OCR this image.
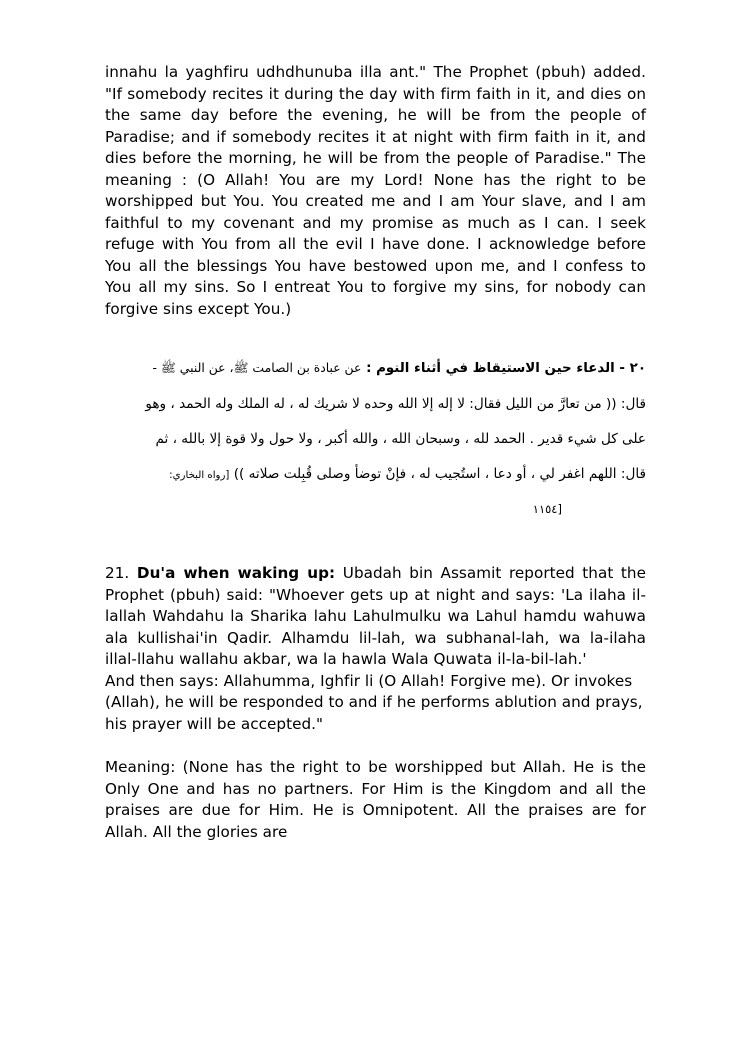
innahu la yaghfiru udhdhunuba illa ant." The Prophet (pbuh) added. "If somebody recites it during the day with firm faith in it, and dies on the same day before the evening, he will be from the people of Paradise; and if somebody recites it at night with firm faith in it, and dies before the morning, he will be from the people of Paradise." The meaning : (O Allah! You are my Lord! None has the right to be worshipped but You. You created me and I am Your slave, and I am faithful to my covenant and my promise as much as I can. I seek refuge with You from all the evil I have done. I acknowledge before You all the blessings You have bestowed upon me, and I confess to You all my sins. So I entreat You to forgive my sins, for nobody can forgive sins except You.)

٢٠ - الدعاء حين الاستيقاظ في أثناء النوم : عن عبادة بن الصامت ﷺ، عن النبي ﷺ -

قال: (( من تعارَّ من الليل فقال: لا إله إلا الله وحده لا شريك له ، له الملك وله الحمد ، وهو

على كل شيء قدير . الحمد لله ، وسبحان الله ، والله أكبر ، ولا حول ولا قوة إلا بالله ، ثم

قال: اللهم اغفر لي ، أو دعا ، استُجيب له ، فإنْ توضأ وصلى قُبِلت صلاته )) [رواه البخاري:

[١١٥٤

21. Du'a when waking up: Ubadah bin Assamit reported that the Prophet (pbuh) said: "Whoever gets up at night and says: 'La ilaha il-lallah Wahdahu la Sharika lahu Lahulmulku wa Lahul hamdu wahuwa ala kullishai'in Qadir. Alhamdu lil-lah, wa subhanal-lah, wa la-ilaha illal-llahu wallahu akbar, wa la hawla Wala Quwata il-la-bil-lah.'

And then says: Allahumma, Ighfir li (O Allah! Forgive me). Or invokes (Allah), he will be responded to and if he performs ablution and prays, his prayer will be accepted."

Meaning: (None has the right to be worshipped but Allah. He is the Only One and has no partners. For Him is the Kingdom and all the praises are due for Him. He is Omnipotent. All the praises are for Allah. All the glories are
